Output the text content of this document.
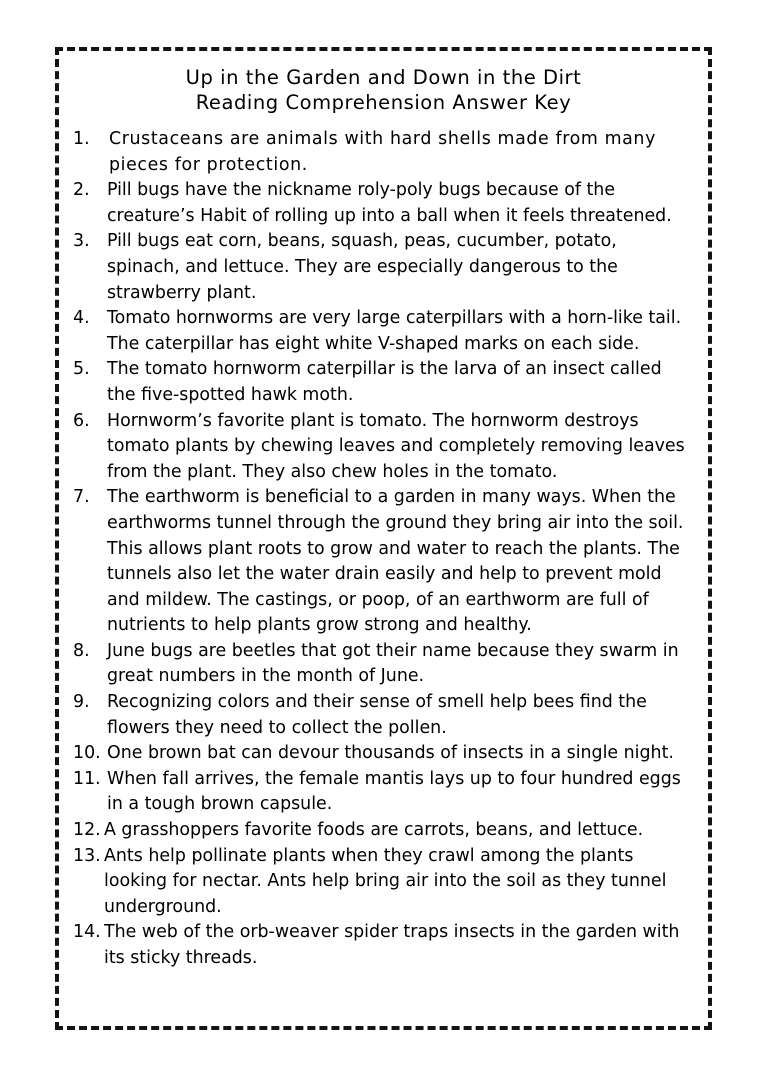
Up in the Garden and Down in the Dirt
Reading Comprehension Answer Key
1.	Crustaceans are animals with hard shells made from many pieces for protection.
2.	Pill bugs have the nickname roly-poly bugs because of the creature’s Habit of rolling up into a ball when it feels threatened.
3.	Pill bugs eat corn, beans, squash, peas, cucumber, potato, spinach, and lettuce. They are especially dangerous to the strawberry plant.
4.	Tomato hornworms are very large caterpillars with a horn-like tail. The caterpillar has eight white V-shaped marks on each side.
5.	The tomato hornworm caterpillar is the larva of an insect called the five-spotted hawk moth.
6.	Hornworm’s favorite plant is tomato. The hornworm destroys tomato plants by chewing leaves and completely removing leaves from the plant. They also chew holes in the tomato.
7.	The earthworm is beneficial to a garden in many ways. When the earthworms tunnel through the ground they bring air into the soil. This allows plant roots to grow and water to reach the plants. The tunnels also let the water drain easily and help to prevent mold and mildew. The castings, or poop, of an earthworm are full of nutrients to help plants grow strong and healthy.
8.	June bugs are beetles that got their name because they swarm in great numbers in the month of June.
9.	Recognizing colors and their sense of smell help bees find the flowers they need to collect the pollen.
10. One brown bat can devour thousands of insects in a single night.
11. When fall arrives, the female mantis lays up to four hundred eggs in a tough brown capsule.
12. A grasshoppers favorite foods are carrots, beans, and lettuce.
13. Ants help pollinate plants when they crawl among the plants looking for nectar. Ants help bring air into the soil as they tunnel underground.
14. The web of the orb-weaver spider traps insects in the garden with its sticky threads.
